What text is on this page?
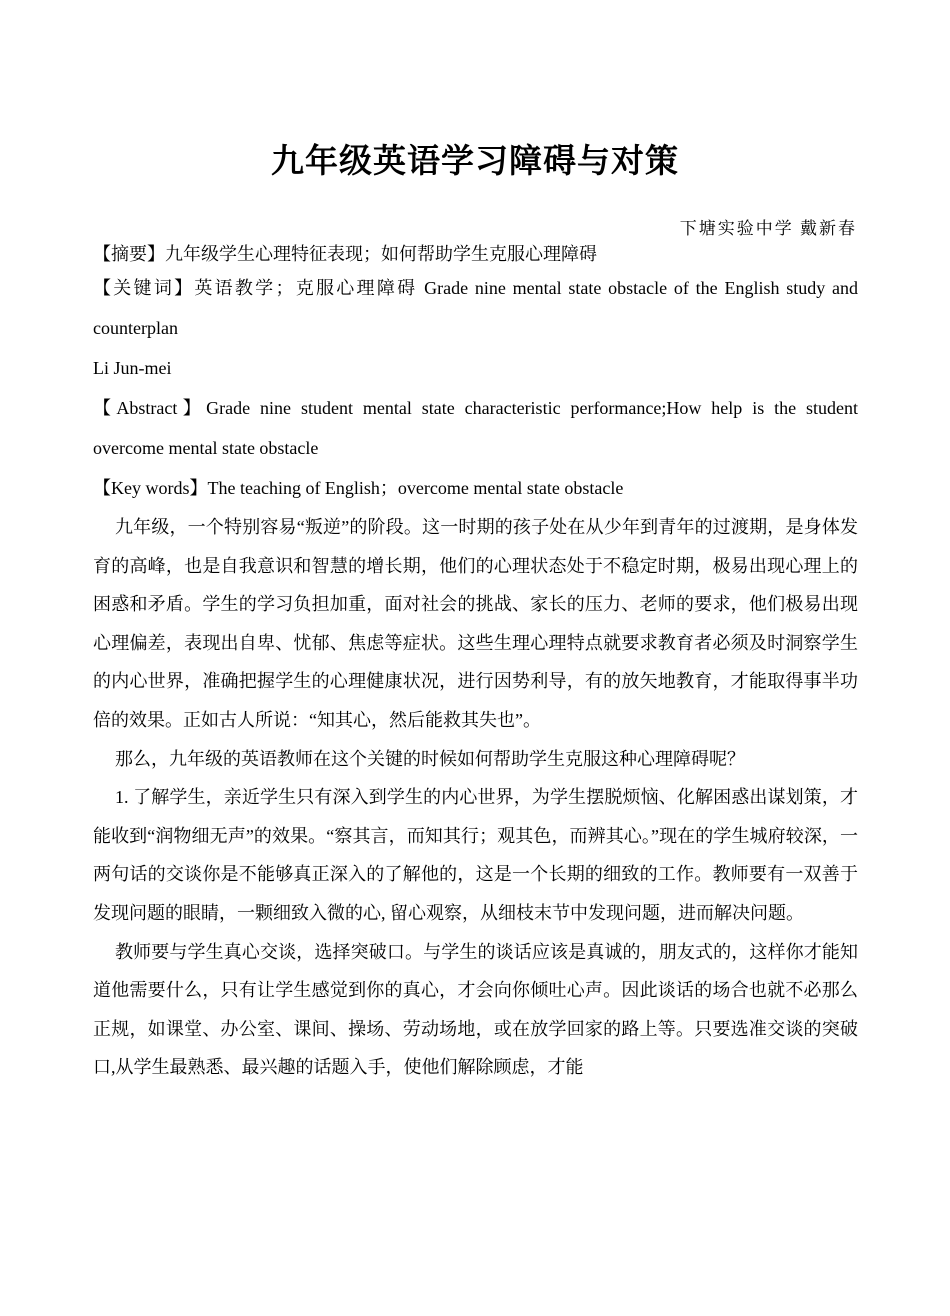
九年级英语学习障碍与对策
下塘实验中学 戴新春

【摘要】九年级学生心理特征表现；如何帮助学生克服心理障碍

【关键词】英语教学；克服心理障碍 Grade nine mental state obstacle of the English study and counterplan

Li Jun-mei

【Abstract】Grade nine student mental state characteristic performance;How help is the student overcome mental state obstacle

【Key words】The teaching of English；overcome mental state obstacle

九年级，一个特别容易“叛逆”的阶段。这一时期的孩子处在从少年到青年的过渡期，是身体发育的高峰，也是自我意识和智慧的增长期，他们的心理状态处于不稳定时期，极易出现心理上的困惑和矛盾。学生的学习负担加重，面对社会的挑战、家长的压力、老师的要求，他们极易出现心理偏差，表现出自卑、忧郁、焦虑等症状。这些生理心理特点就要求教育者必须及时洞察学生的内心世界，准确把握学生的心理健康状况，进行因势利导，有的放矢地教育，才能取得事半功倍的效果。正如古人所说：“知其心，然后能救其失也”。

那么，九年级的英语教师在这个关键的时候如何帮助学生克服这种心理障碍呢？

1. 了解学生，亲近学生只有深入到学生的内心世界，为学生摆脱烦恼、化解困惑出谋划策，才能收到“润物细无声”的效果。“察其言，而知其行；观其色，而辨其心。”现在的学生城府较深，一两句话的交谈你是不能够真正深入的了解他的，这是一个长期的细致的工作。教师要有一双善于发现问题的眼睛，一颗细致入微的心, 留心观察，从细枝末节中发现问题，进而解决问题。

教师要与学生真心交谈，选择突破口。与学生的谈话应该是真诚的，朋友式的，这样你才能知道他需要什么，只有让学生感觉到你的真心，才会向你倾吐心声。因此谈话的场合也就不必那么正规，如课堂、办公室、课间、操场、劳动场地，或在放学回家的路上等。只要选准交谈的突破口,从学生最熟悉、最兴趣的话题入手，使他们解除顾虑，才能
